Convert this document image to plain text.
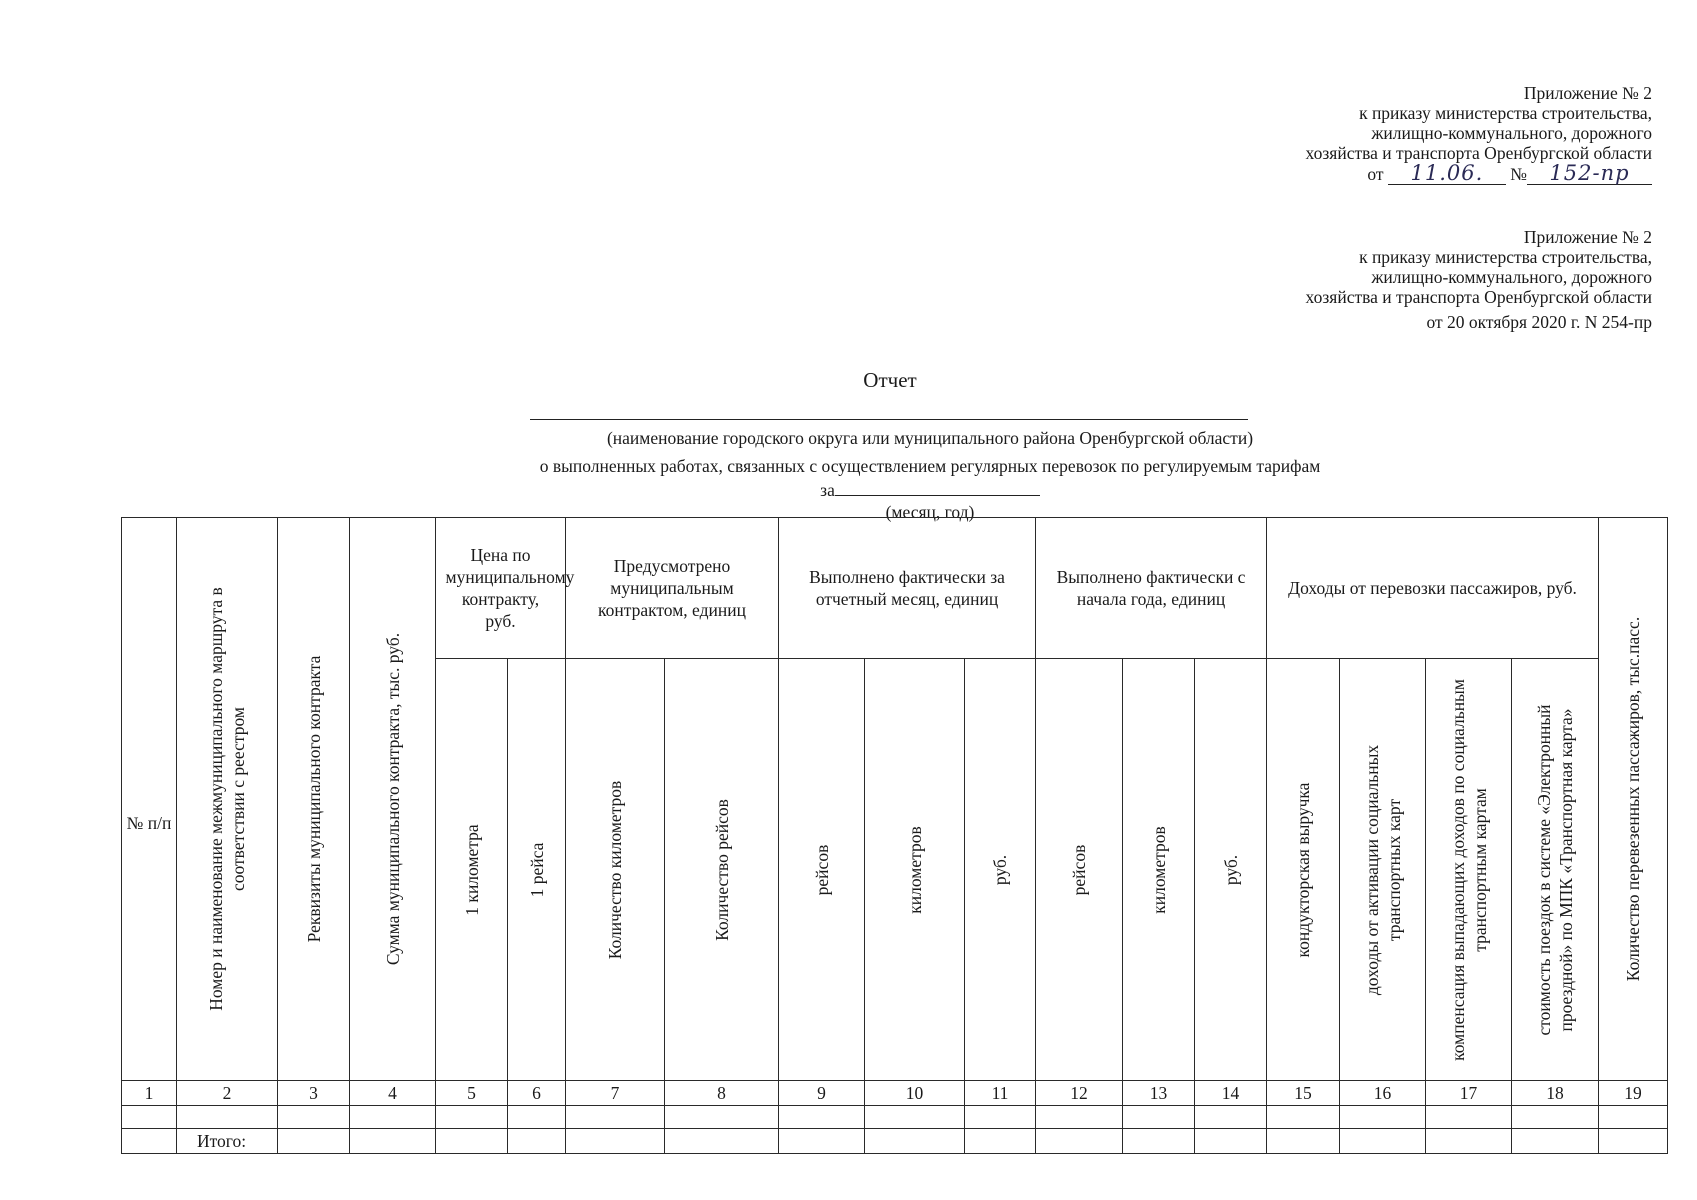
Приложение № 2
к приказу министерства строительства,
жилищно-коммунального, дорожного
хозяйства и транспорта Оренбургской области
от 11.06. № 152-пр
Приложение № 2
к приказу министерства строительства,
жилищно-коммунального, дорожного
хозяйства и транспорта Оренбургской области
от 20 октября 2020 г. N 254-пр
Отчет
(наименование городского округа или муниципального района Оренбургской области)
о выполненных работах, связанных с осуществлением регулярных перевозок по регулируемым тарифам
за
(месяц, год)
№ п/п	Номер и наименование межмуниципального маршрута в соответствии с реестром	Реквизиты муниципального контракта	Сумма муниципального контракта, тыс. руб.	Цена по муниципальному контракту, руб.		Предусмотрено муниципальным контрактом, единиц		Выполнено фактически за отчетный месяц, единиц			Выполнено фактически с начала года, единиц			Доходы от перевозки пассажиров, руб.				Количество перевезенных пассажиров, тыс.пасс.

				1 километра	1 рейса	Количество километров	Количество рейсов	рейсов	километров	руб.	рейсов	километров	руб.	кондукторская выручка	доходы от активации социальных транспортных карт	компенсация выпадающих доходов по социальным транспортным картам	стоимость поездок в системе «Электронный проездной» по МПК «Транспортная карта»	

1	2	3	4	5	6	7	8	9	10	11	12	13	14	15	16	17	18	19

	Итого:																	
